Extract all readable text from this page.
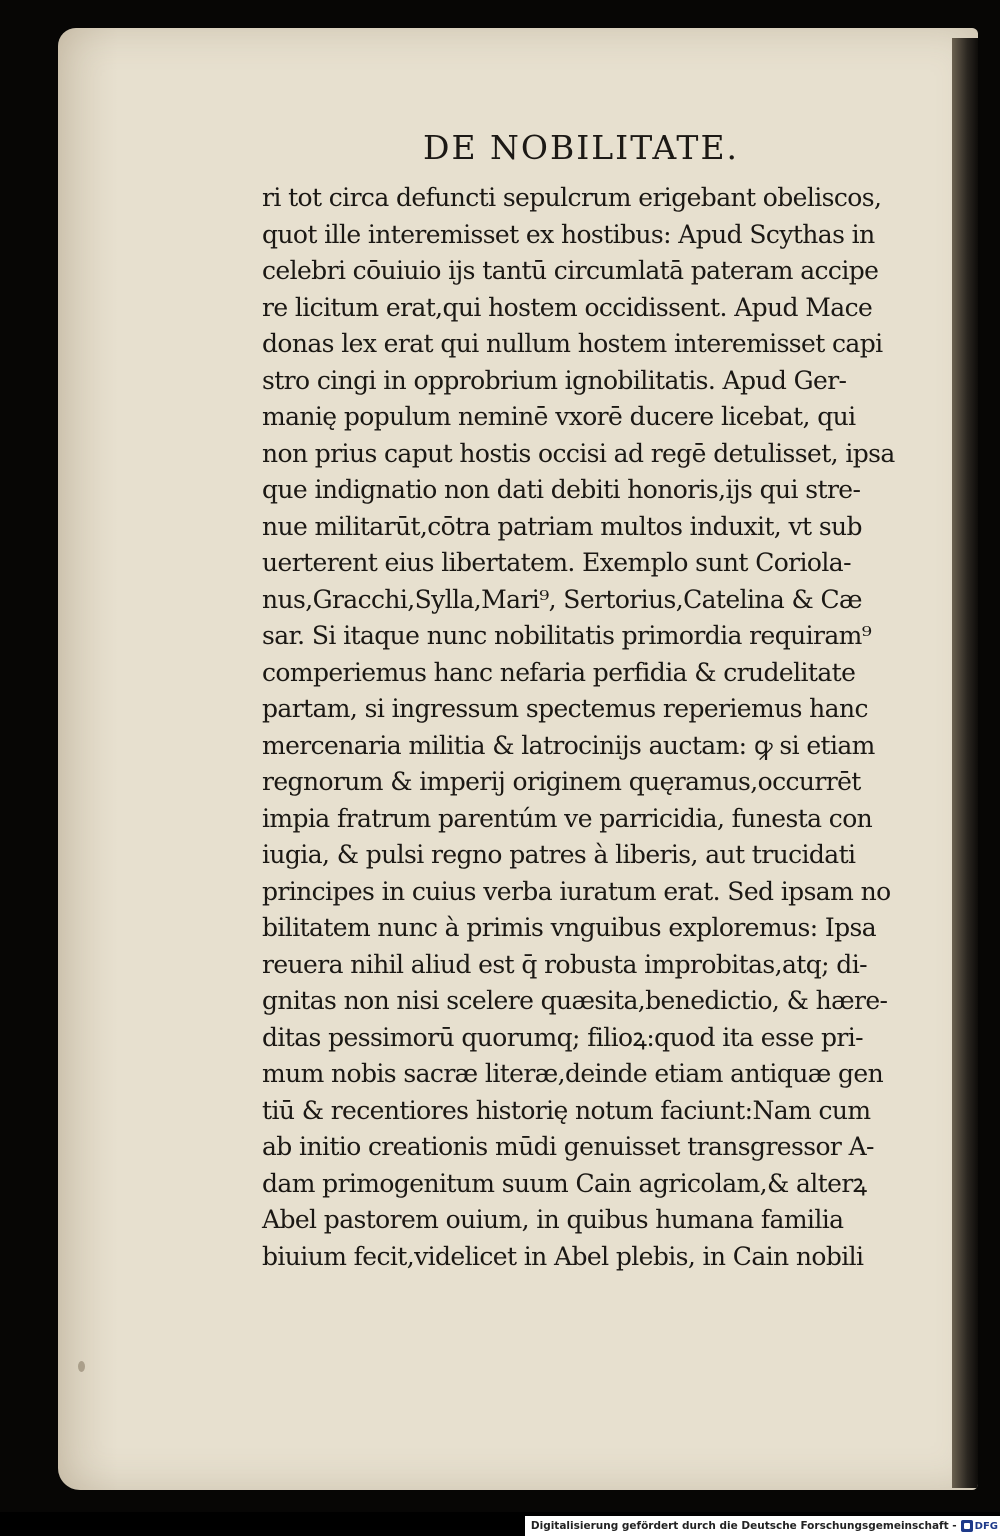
DE NOBILITATE.
ri tot circa defuncti sepulcrum erigebant obeliscos,
quot ille interemisset ex hostibus: Apud Scythas in
celebri cōuiuio ijs tantū circumlatā pateram accipe
re licitum erat,qui hostem occidissent. Apud Mace
donas lex erat qui nullum hostem interemisset capi
stro cingi in opprobrium ignobilitatis. Apud Ger-
manię populum neminē vxorē ducere licebat, qui
non prius caput hostis occisi ad regē detulisset, ipsa
que indignatio non dati debiti honoris,ijs qui stre-
nue militarūt,cōtra patriam multos induxit, vt sub
uerterent eius libertatem. Exemplo sunt Coriola-
nus,Gracchi,Sylla,Mari⁹, Sertorius,Catelina & Cæ
sar. Si itaque nunc nobilitatis primordia requiram⁹
comperiemus hanc nefaria perfidia & crudelitate
partam, si ingressum spectemus reperiemus hanc
mercenaria militia & latrocinijs auctam: ꝙ si etiam
regnorum & imperij originem quęramus,occurrēt
impia fratrum parentúm ve parricidia, funesta con
iugia, & pulsi regno patres à liberis, aut trucidati
principes in cuius verba iuratum erat. Sed ipsam no
bilitatem nunc à primis vnguibus exploremus: Ipsa
reuera nihil aliud est q̄ robusta improbitas,atq; di-
gnitas non nisi scelere quæsita,benedictio, & hære-
ditas pessimorū quorumq; filioꝝ:quod ita esse pri-
mum nobis sacræ literæ,deinde etiam antiquæ gen
tiū & recentiores historię notum faciunt:Nam cum
ab initio creationis mūdi genuisset transgressor A-
dam primogenitum suum Cain agricolam,& alterꝝ
Abel pastorem ouium, in quibus humana familia
biuium fecit,videlicet in Abel plebis, in Cain nobili
Digitalisierung gefördert durch die Deutsche Forschungsgemeinschaft - DFG
